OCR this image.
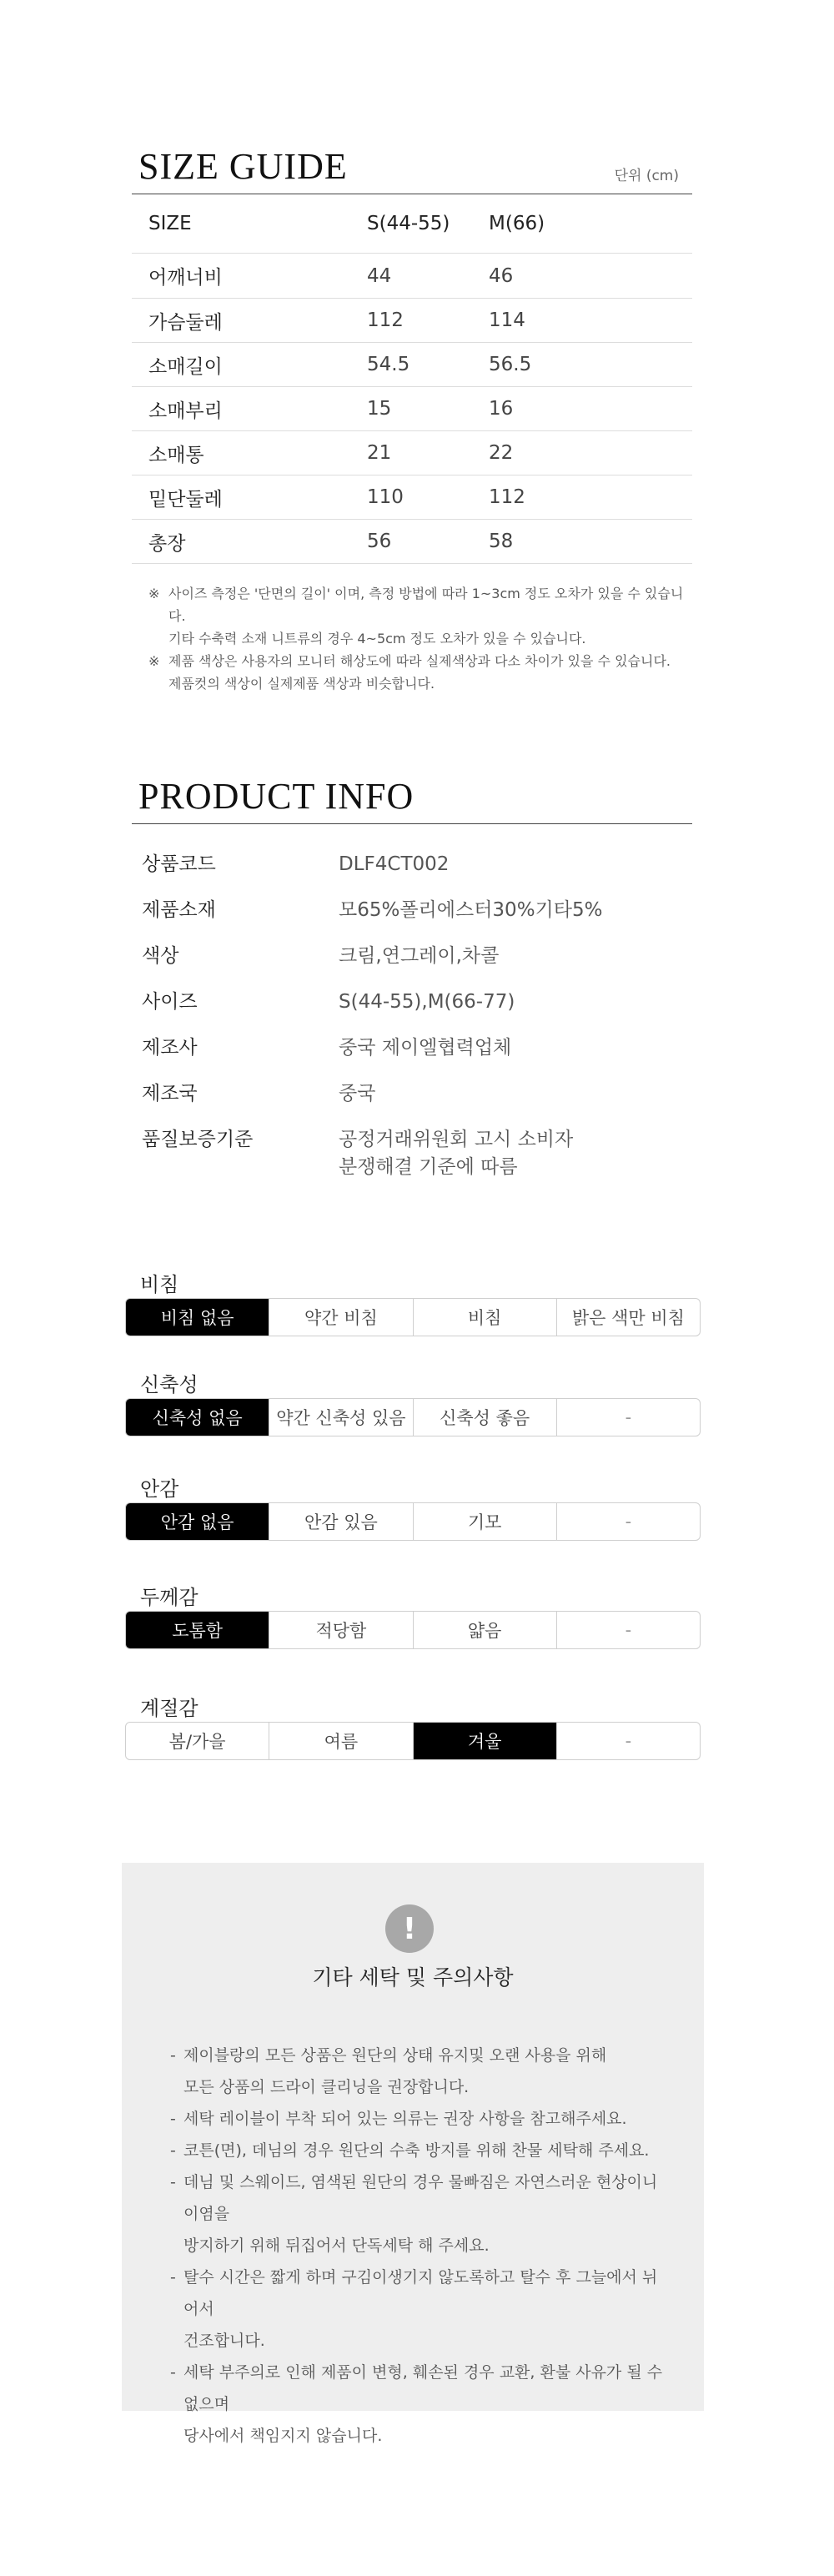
SIZE GUIDE	단위 (cm)
SIZE	S(44-55)	M(66)
어깨너비	44	46
가슴둘레	112	114
소매길이	54.5	56.5
소매부리	15	16
소매통	21	22
밑단둘레	110	112
총장	56	58
※ 사이즈 측정은 '단면의 길이' 이며, 측정 방법에 따라 1~3cm 정도 오차가 있을 수 있습니다.

기타 수축력 소재 니트류의 경우 4~5cm 정도 오차가 있을 수 있습니다.

※ 제품 색상은 사용자의 모니터 해상도에 따라 실제색상과 다소 차이가 있을 수 있습니다.

제품컷의 색상이 실제제품 색상과 비슷합니다.

PRODUCT INFO
상품코드	DLF4CT002
제품소재	모65%폴리에스터30%기타5%
색상	크림,연그레이,차콜
사이즈	S(44-55),M(66-77)
제조사	중국 제이엘협력업체
제조국	중국
품질보증기준	공정거래위원회 고시 소비자
분쟁해결 기준에 따름
비침
비침 없음	약간 비침	비침	밝은 색만 비침
신축성
신축성 없음	약간 신축성 있음	신축성 좋음	-
안감
안감 없음	안감 있음	기모	-
두께감
도톰함	적당함	얇음	-
계절감
봄/가을	여름	겨울	-
!
기타 세탁 및 주의사항
- 제이블랑의 모든 상품은 원단의 상태 유지및 오랜 사용을 위해
모든 상품의 드라이 클리닝을 권장합니다.
- 세탁 레이블이 부착 되어 있는 의류는 권장 사항을 참고해주세요.
- 코튼(면), 데님의 경우 원단의 수축 방지를 위해 찬물 세탁해 주세요.
- 데님 및 스웨이드, 염색된 원단의 경우 물빠짐은 자연스러운 현상이니 이염을
방지하기 위해 뒤집어서 단독세탁 해 주세요.
- 탈수 시간은 짧게 하며 구김이생기지 않도록하고 탈수 후 그늘에서 뉘어서
건조합니다.
- 세탁 부주의로 인해 제품이 변형, 훼손된 경우 교환, 환불 사유가 될 수 없으며
당사에서 책임지지 않습니다.
